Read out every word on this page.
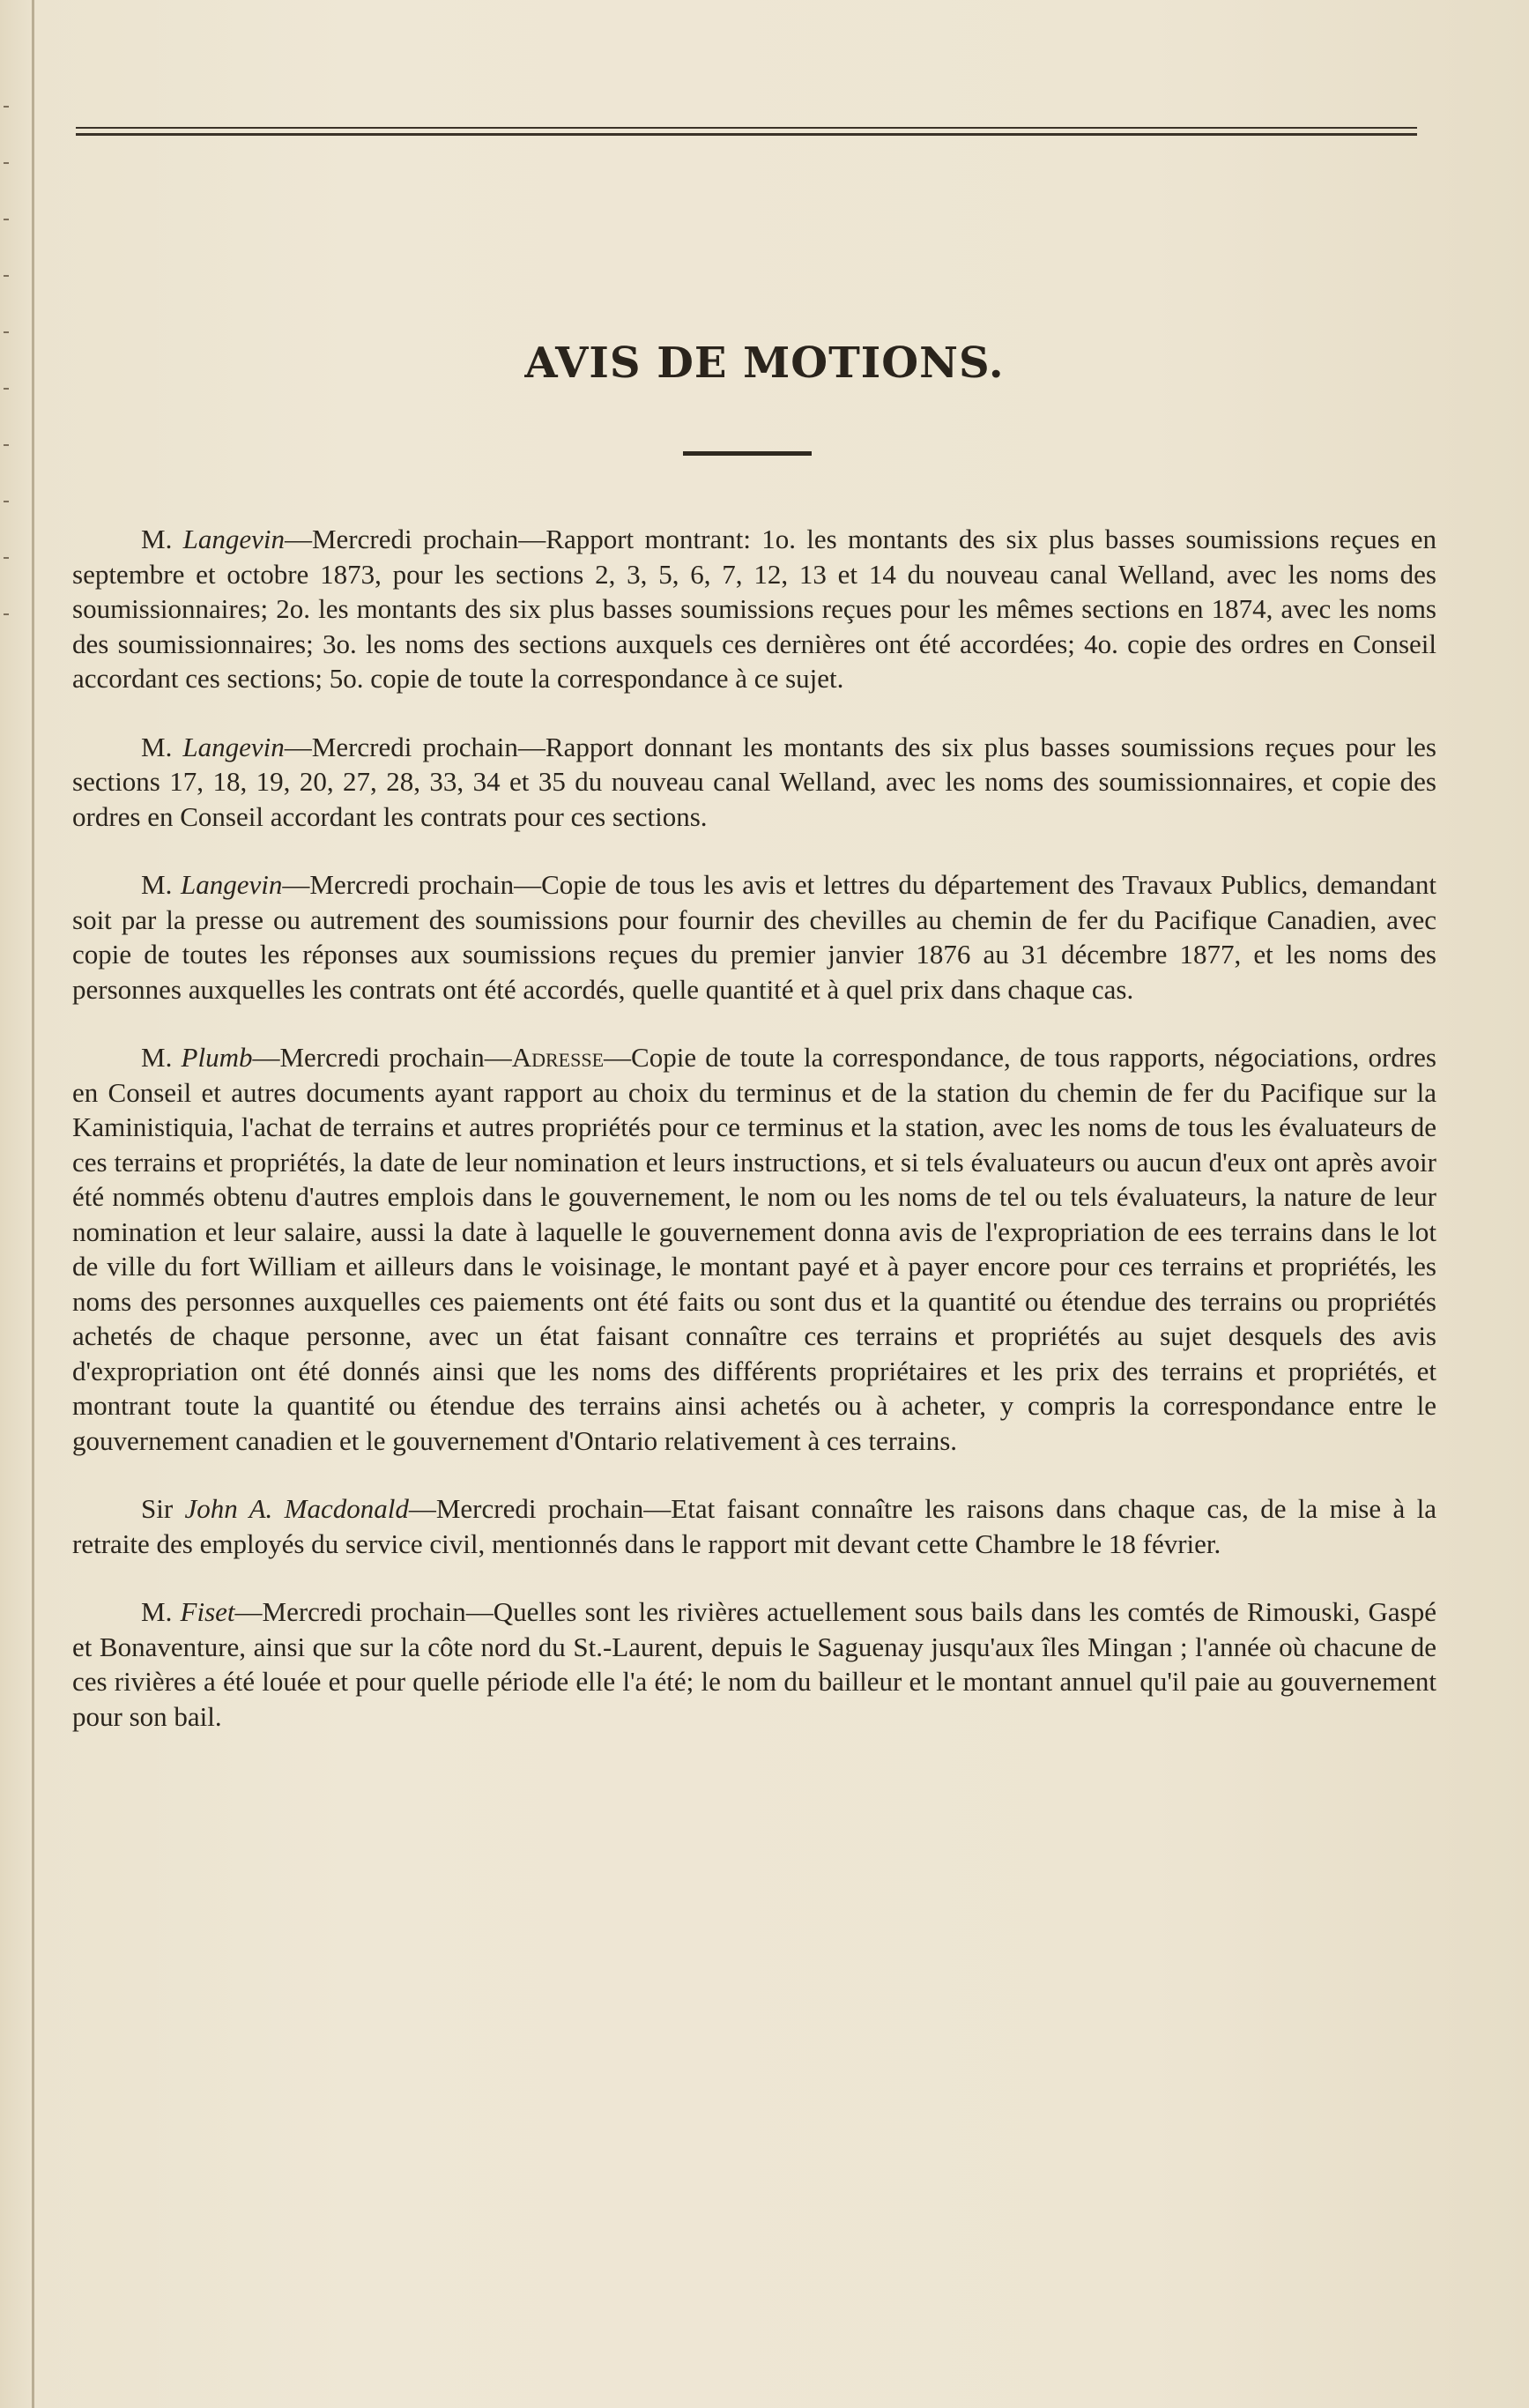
AVIS DE MOTIONS.

M. Langevin—Mercredi prochain—Rapport montrant: 1o. les montants des six plus basses soumissions reçues en septembre et octobre 1873, pour les sections 2, 3, 5, 6, 7, 12, 13 et 14 du nouveau canal Welland, avec les noms des soumissionnaires; 2o. les montants des six plus basses soumissions reçues pour les mêmes sections en 1874, avec les noms des soumissionnaires; 3o. les noms des sections auxquels ces dernières ont été accordées; 4o. copie des ordres en Conseil accordant ces sections; 5o. copie de toute la correspondance à ce sujet.

M. Langevin—Mercredi prochain—Rapport donnant les montants des six plus basses soumissions reçues pour les sections 17, 18, 19, 20, 27, 28, 33, 34 et 35 du nouveau canal Welland, avec les noms des soumissionnaires, et copie des ordres en Conseil accordant les contrats pour ces sections.

M. Langevin—Mercredi prochain—Copie de tous les avis et lettres du département des Travaux Publics, demandant soit par la presse ou autrement des soumissions pour fournir des chevilles au chemin de fer du Pacifique Canadien, avec copie de toutes les réponses aux soumissions reçues du premier janvier 1876 au 31 décembre 1877, et les noms des personnes auxquelles les contrats ont été accordés, quelle quantité et à quel prix dans chaque cas.

M. Plumb—Mercredi prochain—Adresse—Copie de toute la correspondance, de tous rapports, négociations, ordres en Conseil et autres documents ayant rapport au choix du terminus et de la station du chemin de fer du Pacifique sur la Kaministiquia, l'achat de terrains et autres propriétés pour ce terminus et la station, avec les noms de tous les évaluateurs de ces terrains et propriétés, la date de leur nomination et leurs instructions, et si tels évaluateurs ou aucun d'eux ont après avoir été nommés obtenu d'autres emplois dans le gouvernement, le nom ou les noms de tel ou tels évaluateurs, la nature de leur nomination et leur salaire, aussi la date à laquelle le gouvernement donna avis de l'expropriation de ees terrains dans le lot de ville du fort William et ailleurs dans le voisinage, le montant payé et à payer encore pour ces terrains et propriétés, les noms des personnes auxquelles ces paiements ont été faits ou sont dus et la quantité ou étendue des terrains ou propriétés achetés de chaque personne, avec un état faisant connaître ces terrains et propriétés au sujet desquels des avis d'expropriation ont été donnés ainsi que les noms des différents propriétaires et les prix des terrains et propriétés, et montrant toute la quantité ou étendue des terrains ainsi achetés ou à acheter, y compris la correspondance entre le gouvernement canadien et le gouvernement d'Ontario relativement à ces terrains.

Sir John A. Macdonald—Mercredi prochain—Etat faisant connaître les raisons dans chaque cas, de la mise à la retraite des employés du service civil, mentionnés dans le rapport mit devant cette Chambre le 18 février.

M. Fiset—Mercredi prochain—Quelles sont les rivières actuellement sous bails dans les comtés de Rimouski, Gaspé et Bonaventure, ainsi que sur la côte nord du St.-Laurent, depuis le Saguenay jusqu'aux îles Mingan ; l'année où chacune de ces rivières a été louée et pour quelle période elle l'a été; le nom du bailleur et le montant annuel qu'il paie au gouvernement pour son bail.
